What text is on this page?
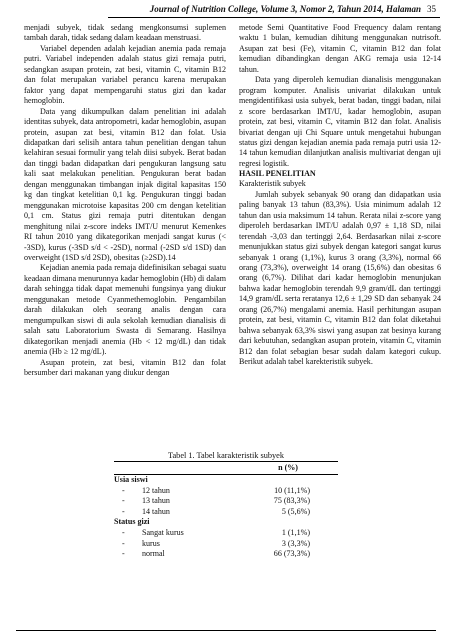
Journal of Nutrition College, Volume 3, Nomor 2, Tahun 2014, Halaman 35

menjadi subyek, tidak sedang mengkonsumsi suplemen tambah darah, tidak sedang dalam keadaan menstruasi.

Variabel dependen adalah kejadian anemia pada remaja putri. Variabel independen adalah status gizi remaja putri, sedangkan asupan protein, zat besi, vitamin C, vitamin B12 dan folat merupakan variabel perancu karena merupakan faktor yang dapat mempengaruhi status gizi dan kadar hemoglobin.

Data yang dikumpulkan dalam penelitian ini adalah identitas subyek, data antropometri, kadar hemoglobin, asupan protein, asupan zat besi, vitamin B12 dan folat. Usia didapatkan dari selisih antara tahun penelitian dengan tahun kelahiran sesuai formulir yang telah diisi subyek. Berat badan dan tinggi badan didapatkan dari pengukuran langsung satu kali saat melakukan penelitian. Pengukuran berat badan dengan menggunakan timbangan injak digital kapasitas 150 kg dan tingkat ketelitian 0,1 kg. Pengukuran tinggi badan menggunakan microtoise kapasitas 200 cm dengan ketelitian 0,1 cm. Status gizi remaja putri ditentukan dengan menghitung nilai z-score indeks IMT/U menurut Kemenkes RI tahun 2010 yang dikategorikan menjadi sangat kurus (< -3SD), kurus (-3SD s/d < -2SD), normal (-2SD s/d 1SD) dan overweight (1SD s/d 2SD), obesitas (≥2SD).14

Kejadian anemia pada remaja didefinisikan sebagai suatu keadaan dimana menurunnya kadar hemoglobin (Hb) di dalam darah sehingga tidak dapat memenuhi fungsinya yang diukur menggunakan metode Cyanmethemoglobin. Pengambilan darah dilakukan oleh seorang analis dengan cara mengumpulkan siswi di aula sekolah kemudian dianalisis di salah satu Laboratorium Swasta di Semarang. Hasilnya dikategorikan menjadi anemia (Hb < 12 mg/dL) dan tidak anemia (Hb ≥ 12 mg/dL).

Asupan protein, zat besi, vitamin B12 dan folat bersumber dari makanan yang diukur dengan

metode Semi Quantitative Food Frequency dalam rentang waktu 1 bulan, kemudian dihitung menggunakan nutrisoft. Asupan zat besi (Fe), vitamin C, vitamin B12 dan folat kemudian dibandingkan dengan AKG remaja usia 12-14 tahun.

Data yang diperoleh kemudian dianalisis menggunakan program komputer. Analisis univariat dilakukan untuk mengidentifikasi usia subyek, berat badan, tinggi badan, nilai z score berdasarkan IMT/U, kadar hemoglobin, asupan protein, zat besi, vitamin C, vitamin B12 dan folat. Analisis bivariat dengan uji Chi Square untuk mengetahui hubungan status gizi dengan kejadian anemia pada remaja putri usia 12-14 tahun kemudian dilanjutkan analisis multivariat dengan uji regresi logistik.

HASIL PENELITIAN

Karakteristik subyek

Jumlah subyek sebanyak 90 orang dan didapatkan usia paling banyak 13 tahun (83,3%). Usia minimum adalah 12 tahun dan usia maksimum 14 tahun. Rerata nilai z-score yang diperoleh berdasarkan IMT/U adalah 0,97 ± 1,18 SD, nilai terendah -3,03 dan tertinggi 2,64. Berdasarkan nilai z-score menunjukkan status gizi subyek dengan kategori sangat kurus sebanyak 1 orang (1,1%), kurus 3 orang (3,3%), normal 66 orang (73,3%), overweight 14 orang (15,6%) dan obesitas 6 orang (6,7%). Dilihat dari kadar hemoglobin menunjukan bahwa kadar hemoglobin terendah 9,9 gram/dL dan tertinggi 14,9 gram/dL serta reratanya 12,6 ± 1,29 SD dan sebanyak 24 orang (26,7%) mengalami anemia. Hasil perhitungan asupan protein, zat besi, vitamin C, vitamin B12 dan folat diketahui bahwa sebanyak 63,3% siswi yang asupan zat besinya kurang dari kebutuhan, sedangkan asupan protein, vitamin C, vitamin B12 dan folat sebagian besar sudah dalam kategori cukup. Berikut adalah tabel karekteristik subyek.

Tabel 1. Tabel karakteristik subyek
n (%)
Usia siswi
- 12 tahun	10 (11,1%)
- 13 tahun	75 (83,3%)
- 14 tahun	5 (5,6%)
Status gizi
- Sangat kurus	1 (1,1%)
- kurus	3 (3,3%)
- normal	66 (73,3%)
